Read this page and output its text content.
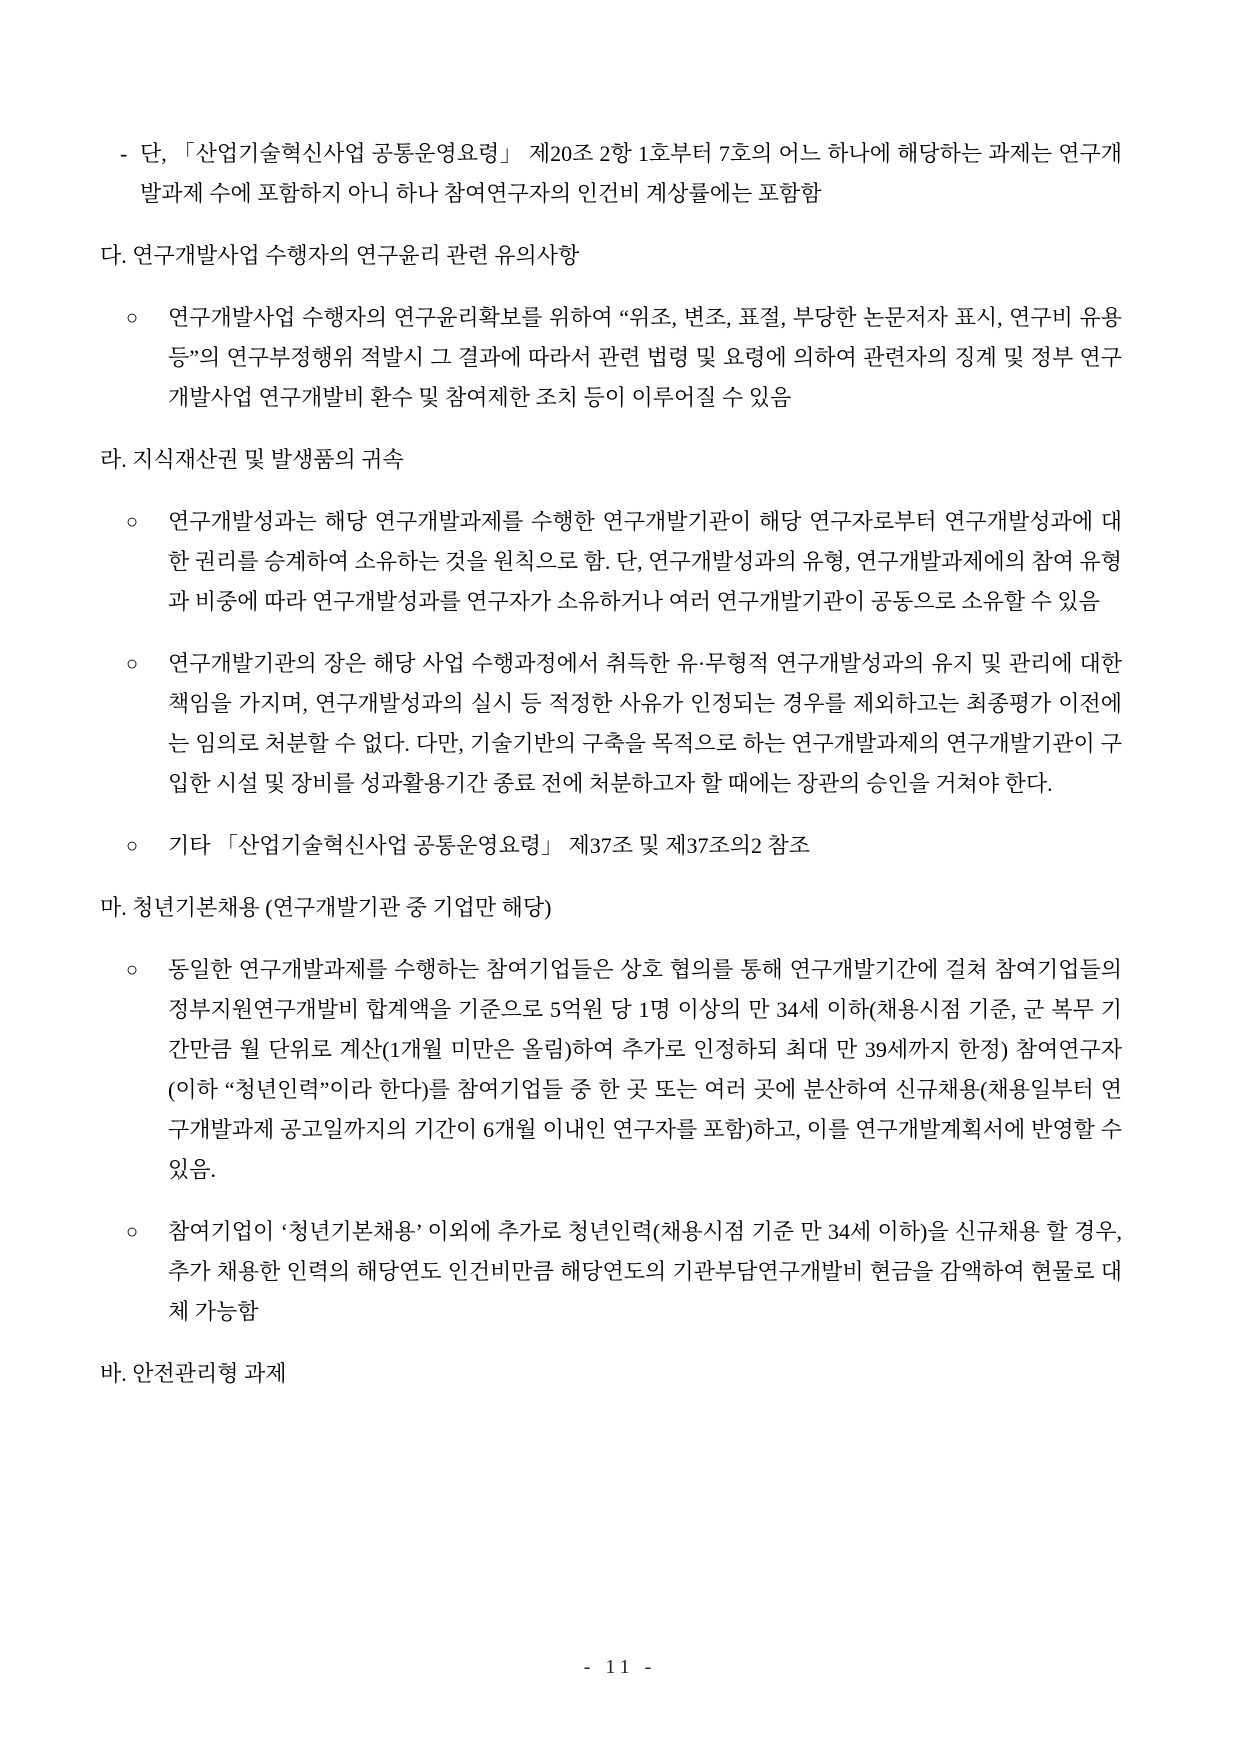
- 단, 「산업기술혁신사업 공통운영요령」 제20조 2항 1호부터 7호의 어느 하나에 해당하는 과제는 연구개발과제 수에 포함하지 아니 하나 참여연구자의 인건비 계상률에는 포함함
다. 연구개발사업 수행자의 연구윤리 관련 유의사항
○	연구개발사업 수행자의 연구윤리확보를 위하여 “위조, 변조, 표절, 부당한 논문저자 표시, 연구비 유용 등”의 연구부정행위 적발시 그 결과에 따라서 관련 법령 및 요령에 의하여 관련자의 징계 및 정부 연구개발사업 연구개발비 환수 및 참여제한 조치 등이 이루어질 수 있음
라. 지식재산권 및 발생품의 귀속
○	연구개발성과는 해당 연구개발과제를 수행한 연구개발기관이 해당 연구자로부터 연구개발성과에 대한 권리를 승계하여 소유하는 것을 원칙으로 함. 단, 연구개발성과의 유형, 연구개발과제에의 참여 유형과 비중에 따라 연구개발성과를 연구자가 소유하거나 여러 연구개발기관이 공동으로 소유할 수 있음
○	연구개발기관의 장은 해당 사업 수행과정에서 취득한 유·무형적 연구개발성과의 유지 및 관리에 대한 책임을 가지며, 연구개발성과의 실시 등 적정한 사유가 인정되는 경우를 제외하고는 최종평가 이전에는 임의로 처분할 수 없다. 다만, 기술기반의 구축을 목적으로 하는 연구개발과제의 연구개발기관이 구입한 시설 및 장비를 성과활용기간 종료 전에 처분하고자 할 때에는 장관의 승인을 거쳐야 한다.
○	기타 「산업기술혁신사업 공통운영요령」 제37조 및 제37조의2 참조
마. 청년기본채용 (연구개발기관 중 기업만 해당)
○	동일한 연구개발과제를 수행하는 참여기업들은 상호 협의를 통해 연구개발기간에 걸쳐 참여기업들의 정부지원연구개발비 합계액을 기준으로 5억원 당 1명 이상의 만 34세 이하(채용시점 기준, 군 복무 기간만큼 월 단위로 계산(1개월 미만은 올림)하여 추가로 인정하되 최대 만 39세까지 한정) 참여연구자(이하 “청년인력”이라 한다)를 참여기업들 중 한 곳 또는 여러 곳에 분산하여 신규채용(채용일부터 연구개발과제 공고일까지의 기간이 6개월 이내인 연구자를 포함)하고, 이를 연구개발계획서에 반영할 수 있음.
○	참여기업이 ‘청년기본채용’ 이외에 추가로 청년인력(채용시점 기준 만 34세 이하)을 신규채용 할 경우, 추가 채용한 인력의 해당연도 인건비만큼 해당연도의 기관부담연구개발비 현금을 감액하여 현물로 대체 가능함
바. 안전관리형 과제
- 11 -
